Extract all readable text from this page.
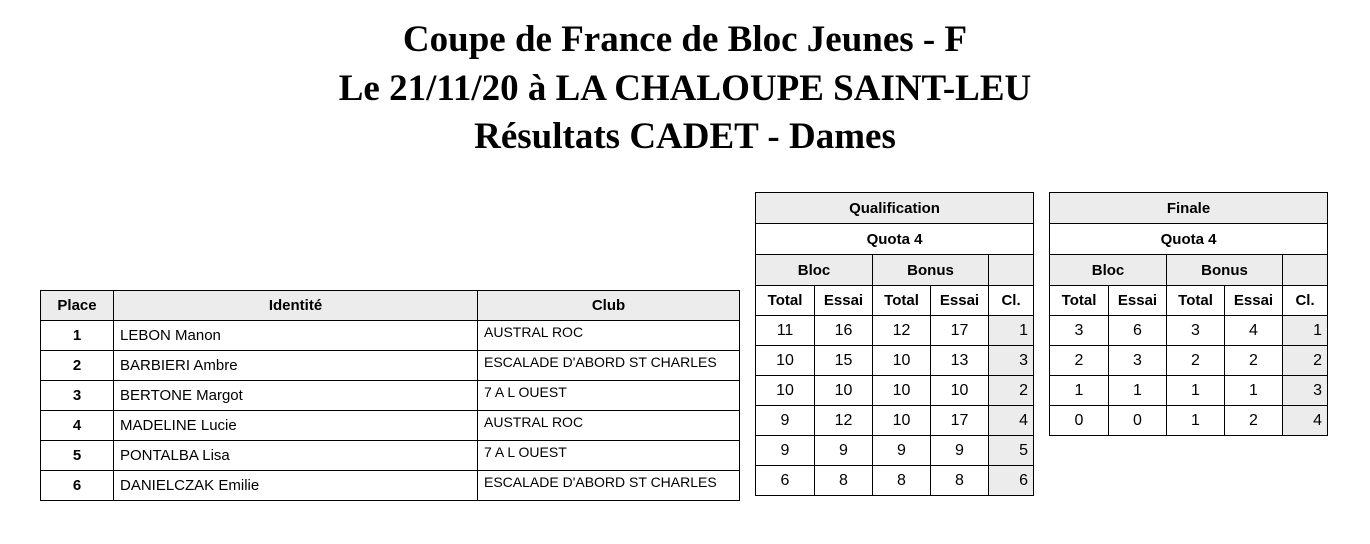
Coupe de France de Bloc Jeunes - F
Le 21/11/20 à LA CHALOUPE SAINT-LEU
Résultats CADET - Dames
Place	Identité	Club
1	LEBON Manon	AUSTRAL ROC
2	BARBIERI Ambre	ESCALADE D'ABORD ST CHARLES
3	BERTONE Margot	7 A L OUEST
4	MADELINE Lucie	AUSTRAL ROC
5	PONTALBA Lisa	7 A L OUEST
6	DANIELCZAK Emilie	ESCALADE D'ABORD ST CHARLES
Qualification				
Quota 4				
Bloc		Bonus		
Total	Essai	Total	Essai	Cl.
11	16	12	17	1
10	15	10	13	3
10	10	10	10	2
9	12	10	17	4
9	9	9	9	5
6	8	8	8	6
Finale				
Quota 4				
Bloc		Bonus		
Total	Essai	Total	Essai	Cl.
3	6	3	4	1
2	3	2	2	2
1	1	1	1	3
0	0	1	2	4
